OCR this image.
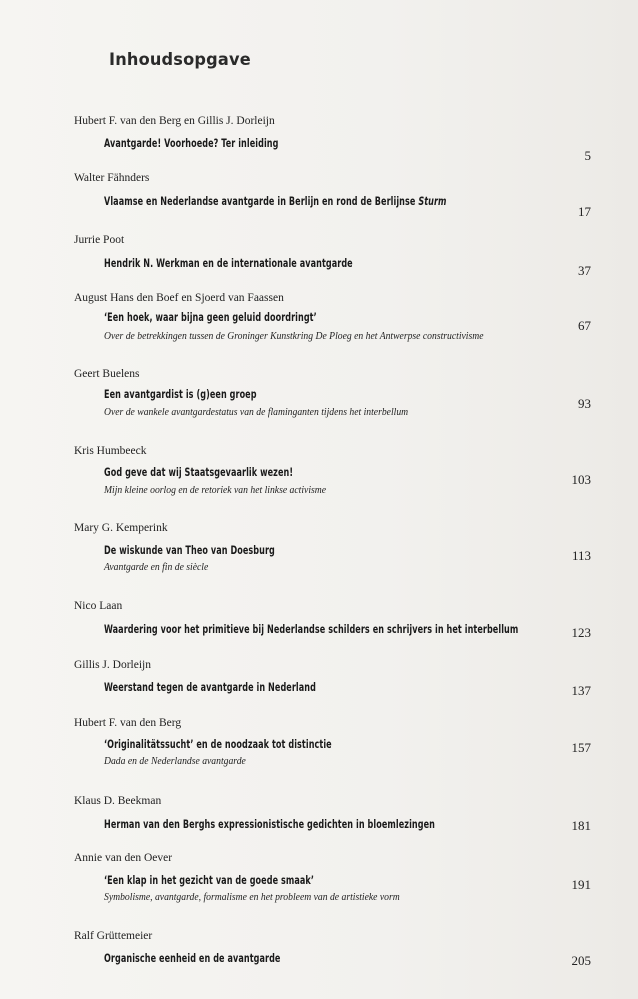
Inhoudsopgave
Hubert F. van den Berg en Gillis J. Dorleijn
Avantgarde! Voorhoede? Ter inleiding
5
Walter Fähnders
Vlaamse en Nederlandse avantgarde in Berlijn en rond de Berlijnse Sturm
17
Jurrie Poot
Hendrik N. Werkman en de internationale avantgarde	37
August Hans den Boef en Sjoerd van Faassen
‘Een hoek, waar bijna geen geluid doordringt’
Over de betrekkingen tussen de Groninger Kunstkring De Ploeg en het Antwerpse constructivisme
67
Geert Buelens
Een avantgardist is (g)een groep
Over de wankele avantgardestatus van de flaminganten tijdens het interbellum
93
Kris Humbeeck
God geve dat wij Staatsgevaarlik wezen!
Mijn kleine oorlog en de retoriek van het linkse activisme
103
Mary G. Kemperink
De wiskunde van Theo van Doesburg
Avantgarde en fin de siècle
113
Nico Laan
Waardering voor het primitieve bij Nederlandse schilders en schrijvers in het interbellum	123
Gillis J. Dorleijn
Weerstand tegen de avantgarde in Nederland	137
Hubert F. van den Berg
‘Originalitätssucht’ en de noodzaak tot distinctie
Dada en de Nederlandse avantgarde
157
Klaus D. Beekman
Herman van den Berghs expressionistische gedichten in bloemlezingen	181
Annie van den Oever
‘Een klap in het gezicht van de goede smaak’
Symbolisme, avantgarde, formalisme en het probleem van de artistieke vorm
191
Ralf Grüttemeier
Organische eenheid en de avantgarde	205
